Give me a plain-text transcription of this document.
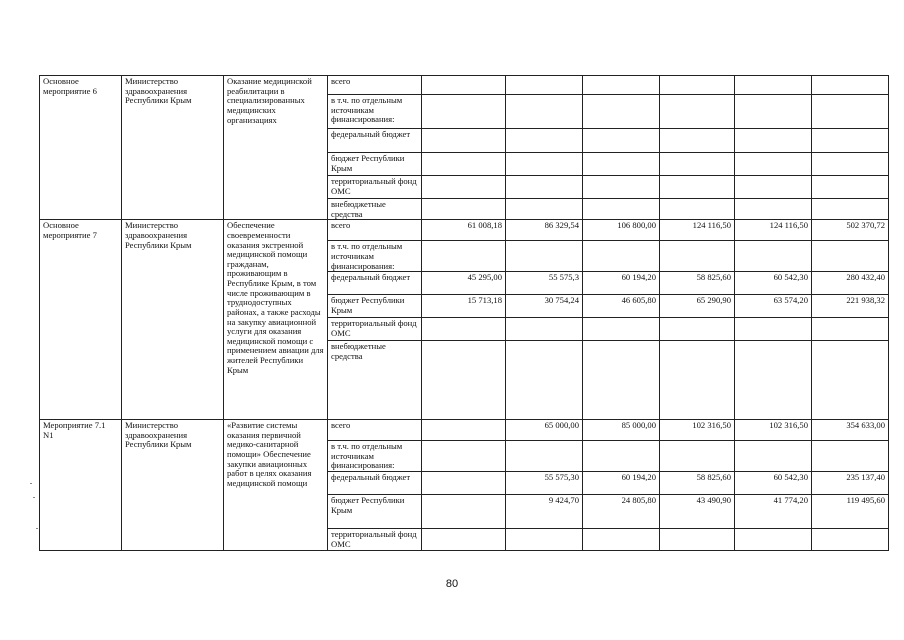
Основное мероприятие 6	Министерство здравоохранения Республики Крым	Оказание медицинской реабилитации в специализированных медицинских организациях	всего						
			в т.ч. по отдельным источникам финансирования:						
			федеральный бюджет						
			бюджет Республики Крым						
			территориальный фонд ОМС						
			внебюджетные средства						
Основное мероприятие 7	Министерство здравоохранения Республики Крым	Обеспечение своевременности оказания экстренной медицинской помощи гражданам, проживающим в Республике Крым, в том числе проживающим в труднодоступных районах, а также расходы на закупку авиационной услуги для оказания медицинской помощи с применением авиации для жителей Республики Крым	всего	61 008,18	86 329,54	106 800,00	124 116,50	124 116,50	502 370,72
			в т.ч. по отдельным источникам финансирования:						
			федеральный бюджет	45 295,00	55 575,3	60 194,20	58 825,60	60 542,30	280 432,40
			бюджет Республики Крым	15 713,18	30 754,24	46 605,80	65 290,90	63 574,20	221 938,32
			территориальный фонд ОМС						
			внебюджетные средства						
Мероприятие 7.1 N1	Министерство здравоохранения Республики Крым	«Развитие системы оказания первичной медико-санитарной помощи» Обеспечение закупки авиационных работ в целях оказания медицинской помощи	всего		65 000,00	85 000,00	102 316,50	102 316,50	354 633,00
			в т.ч. по отдельным источникам финансирования:						
			федеральный бюджет		55 575,30	60 194,20	58 825,60	60 542,30	235 137,40
			бюджет Республики Крым		9 424,70	24 805,80	43 490,90	41 774,20	119 495,60
			территориальный фонд ОМС						
80
